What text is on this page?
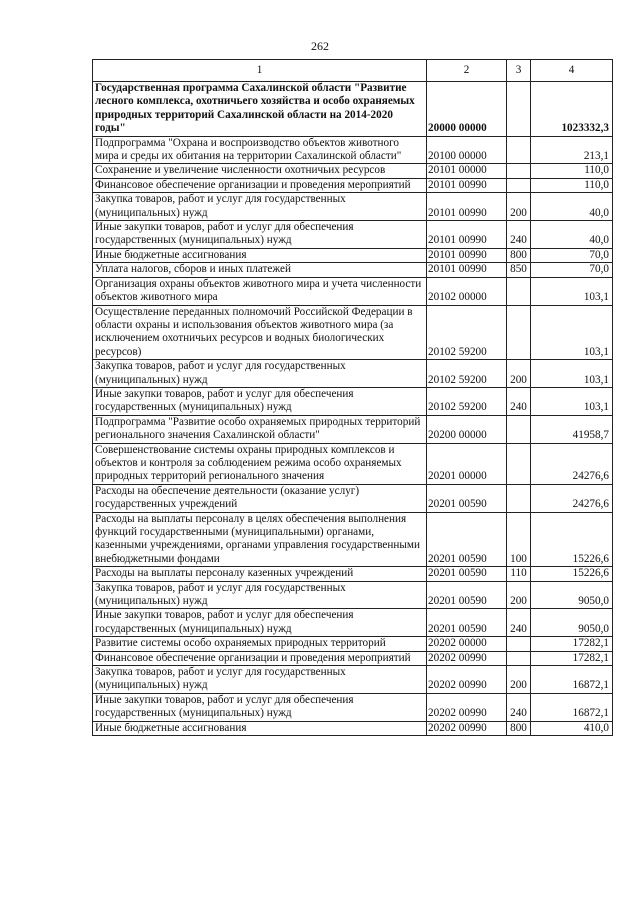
262
1	2	3	4
Государственная программа Сахалинской области "Развитие лесного комплекса, охотничьего хозяйства и особо охраняемых природных территорий Сахалинской области на 2014-2020 годы"	20000 00000		1023332,3
Подпрограмма "Охрана и воспроизводство объектов животного мира и среды их обитания на территории Сахалинской области"	20100 00000		213,1
Сохранение и увеличение численности охотничьих ресурсов	20101 00000		110,0
Финансовое обеспечение организации и проведения мероприятий	20101 00990		110,0
Закупка товаров, работ и услуг для государственных (муниципальных) нужд	20101 00990	200	40,0
Иные закупки товаров, работ и услуг для обеспечения государственных (муниципальных) нужд	20101 00990	240	40,0
Иные бюджетные ассигнования	20101 00990	800	70,0
Уплата налогов, сборов и иных платежей	20101 00990	850	70,0
Организация охраны объектов животного мира и учета численности объектов животного мира	20102 00000		103,1
Осуществление переданных полномочий Российской Федерации в области охраны и использования объектов животного мира (за исключением охотничьих ресурсов и водных биологических ресурсов)	20102 59200		103,1
Закупка товаров, работ и услуг для государственных (муниципальных) нужд	20102 59200	200	103,1
Иные закупки товаров, работ и услуг для обеспечения государственных (муниципальных) нужд	20102 59200	240	103,1
Подпрограмма "Развитие особо охраняемых природных территорий регионального значения Сахалинской области"	20200 00000		41958,7
Совершенствование системы охраны природных комплексов и объектов и контроля за соблюдением режима особо охраняемых природных территорий регионального значения	20201 00000		24276,6
Расходы на обеспечение деятельности (оказание услуг) государственных учреждений	20201 00590		24276,6
Расходы на выплаты персоналу в целях обеспечения выполнения функций государственными (муниципальными) органами, казенными учреждениями, органами управления государственными внебюджетными фондами	20201 00590	100	15226,6
Расходы на выплаты персоналу казенных учреждений	20201 00590	110	15226,6
Закупка товаров, работ и услуг для государственных (муниципальных) нужд	20201 00590	200	9050,0
Иные закупки товаров, работ и услуг для обеспечения государственных (муниципальных) нужд	20201 00590	240	9050,0
Развитие системы особо охраняемых природных территорий	20202 00000		17282,1
Финансовое обеспечение организации и проведения мероприятий	20202 00990		17282,1
Закупка товаров, работ и услуг для государственных (муниципальных) нужд	20202 00990	200	16872,1
Иные закупки товаров, работ и услуг для обеспечения государственных (муниципальных) нужд	20202 00990	240	16872,1
Иные бюджетные ассигнования	20202 00990	800	410,0
